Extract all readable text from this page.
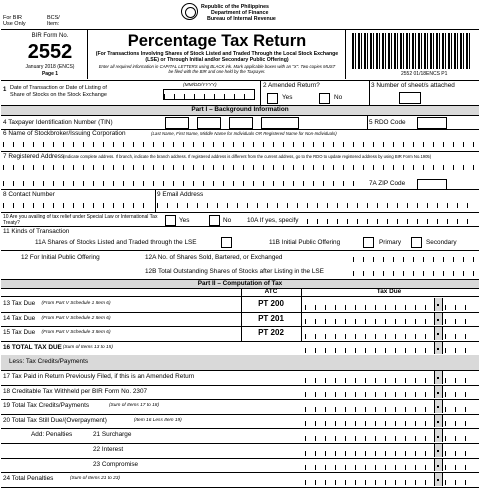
For BIR
Use Only
BCS/
Item:
Republic of the Philippines
Department of Finance
Bureau of Internal Revenue
BIR Form No.
2552
January 2018 (ENCS)
Page 1
Percentage Tax Return
(For Transactions Involving Shares of Stock Listed and Traded Through the Local Stock Exchange (LSE) or Through Initial and/or Secondary Public Offering)
Enter all required information in CAPITAL LETTERS using BLACK ink. Mark applicable boxes with an "X". Two copies MUST be filed with the BIR and one held by the Taxpayer.	2552 01/18ENCS P1
1 Date of Transaction or Date of Listing of Share of Stocks on the Stock Exchange
(MM/DD/YYYY)	2 Amended Return?
Yes	No
3 Number of sheet/s attached
Part I – Background Information
4 Taxpayer Identification Number (TIN)	5 RDO Code
6 Name of Stockbroker/Issuing Corporation	(Last Name, First Name, Middle Name for Individuals OR Registered Name for Non-Individuals)
7 Registered Address
(Indicate complete address. If branch, indicate the branch address. If registered address is different from the current address, go to the RDO to update registered address by using BIR Form No.1905)
7A ZIP Code
8 Contact Number	9 Email Address
10 Are you availing of tax relief under Special Law or International Tax Treaty?	Yes	No 10A If yes, specify
11 Kinds of Transaction
11A Shares of Stocks Listed and Traded through the LSE	11B Initial Public Offering	Primary	Secondary
12 For Initial Public Offering	12A No. of Shares Sold, Bartered, or Exchanged
12B Total Outstanding Shares of Stocks after Listing in the LSE
Part II – Computation of Tax
ATC	Tax Due
13 Tax Due (From Part V Schedule 1 Item 6)	PT 200
14 Tax Due (From Part V Schedule 2 Item 6)	PT 201
15 Tax Due (From Part V Schedule 3 Item 6)	PT 202
16 TOTAL TAX DUE (Sum of Items 13 to 15)
Less: Tax Credits/Payments
17 Tax Paid in Return Previously Filed, if this is an Amended Return
18 Creditable Tax Withheld per BIR Form No. 2307
19 Total Tax Credits/Payments	(Sum of Items 17 to 18)
20 Total Tax Still Due/(Overpayment)	(Item 16 Less Item 19)
Add: Penalties	21 Surcharge
22 Interest
23 Compromise
24 Total Penalties	(Sum of Items 21 to 23)
